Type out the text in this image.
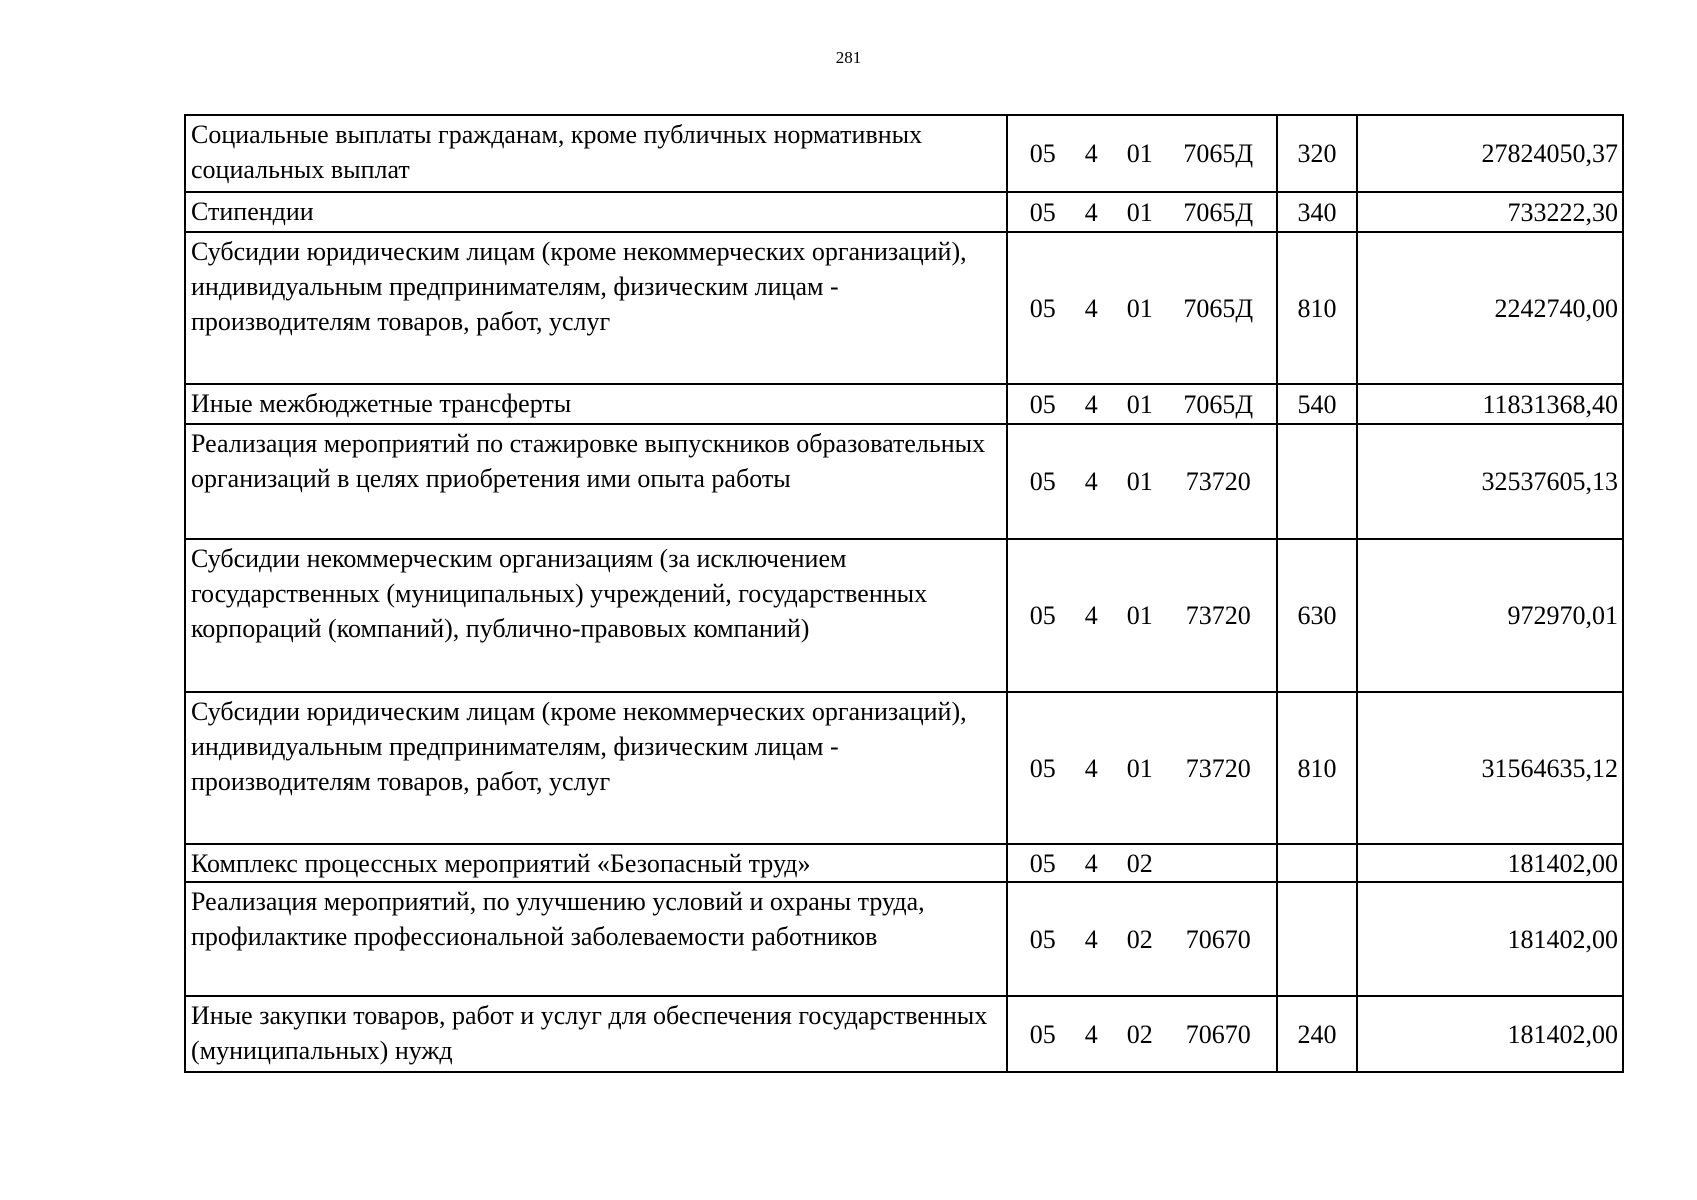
281
Социальные выплаты гражданам, кроме публичных нормативных социальных выплат	05 4 01 7065Д	320	27824050,37
Стипендии	05 4 01 7065Д	340	733222,30
Субсидии юридическим лицам (кроме некоммерческих организаций), индивидуальным предпринимателям, физическим лицам - производителям товаров, работ, услуг	05 4 01 7065Д	810	2242740,00
Иные межбюджетные трансферты	05 4 01 7065Д	540	11831368,40
Реализация мероприятий по стажировке выпускников образовательных организаций в целях приобретения ими опыта работы	05 4 01 73720		32537605,13
Субсидии некоммерческим организациям (за исключением государственных (муниципальных) учреждений, государственных корпораций (компаний), публично-правовых компаний)	05 4 01 73720	630	972970,01
Субсидии юридическим лицам (кроме некоммерческих организаций), индивидуальным предпринимателям, физическим лицам - производителям товаров, работ, услуг	05 4 01 73720	810	31564635,12
Комплекс процессных мероприятий «Безопасный труд»	05 4 02		181402,00
Реализация мероприятий, по улучшению условий и охраны труда, профилактике профессиональной заболеваемости работников	05 4 02 70670		181402,00
Иные закупки товаров, работ и услуг для обеспечения государственных (муниципальных) нужд	05 4 02 70670	240	181402,00
